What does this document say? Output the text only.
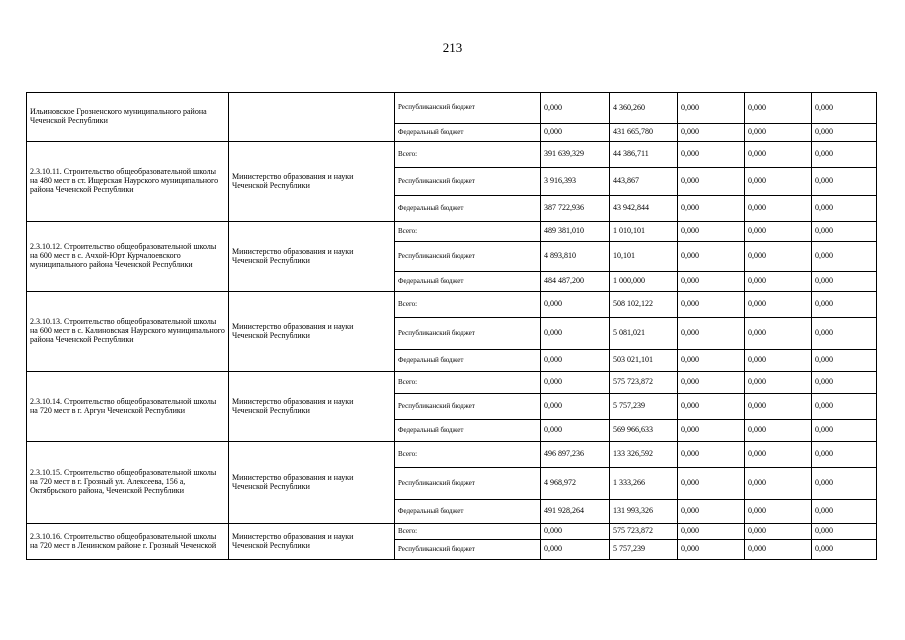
213
Ильиновское Грозненского муниципального района Чеченской Республики		Республиканский бюджет	0,000	4 360,260	0,000	0,000	0,000
		Федеральный бюджет	0,000	431 665,780	0,000	0,000	0,000
2.3.10.11. Строительство общеобразовательной школы на 480 мест в ст. Ищерская Наурского муниципального района Чеченской Республики	Министерство образования и науки Чеченской Республики	Всего:	391 639,329	44 386,711	0,000	0,000	0,000
		Республиканский бюджет	3 916,393	443,867	0,000	0,000	0,000
		Федеральный бюджет	387 722,936	43 942,844	0,000	0,000	0,000
2.3.10.12. Строительство общеобразовательной школы на 600 мест в с. Ачхой-Юрт Курчалоевского муниципального района Чеченской Республики	Министерство образования и науки Чеченской Республики	Всего:	489 381,010	1 010,101	0,000	0,000	0,000
		Республиканский бюджет	4 893,810	10,101	0,000	0,000	0,000
		Федеральный бюджет	484 487,200	1 000,000	0,000	0,000	0,000
2.3.10.13. Строительство общеобразовательной школы на 600 мест в с. Калиновская Наурского муниципального района Чеченской Республики	Министерство образования и науки Чеченской Республики	Всего:	0,000	508 102,122	0,000	0,000	0,000
		Республиканский бюджет	0,000	5 081,021	0,000	0,000	0,000
		Федеральный бюджет	0,000	503 021,101	0,000	0,000	0,000
2.3.10.14. Строительство общеобразовательной школы на 720 мест в г. Аргун Чеченской Республики	Министерство образования и науки Чеченской Республики	Всего:	0,000	575 723,872	0,000	0,000	0,000
		Республиканский бюджет	0,000	5 757,239	0,000	0,000	0,000
		Федеральный бюджет	0,000	569 966,633	0,000	0,000	0,000
2.3.10.15. Строительство общеобразовательной школы на 720 мест в г. Грозный ул. Алексеева, 156 а, Октябрьского района, Чеченской Республики	Министерство образования и науки Чеченской Республики	Всего:	496 897,236	133 326,592	0,000	0,000	0,000
		Республиканский бюджет	4 968,972	1 333,266	0,000	0,000	0,000
		Федеральный бюджет	491 928,264	131 993,326	0,000	0,000	0,000
2.3.10.16. Строительство общеобразовательной школы на 720 мест в Ленинском районе г. Грозный Чеченской	Министерство образования и науки Чеченской Республики	Всего:	0,000	575 723,872	0,000	0,000	0,000
		Республиканский бюджет	0,000	5 757,239	0,000	0,000	0,000
